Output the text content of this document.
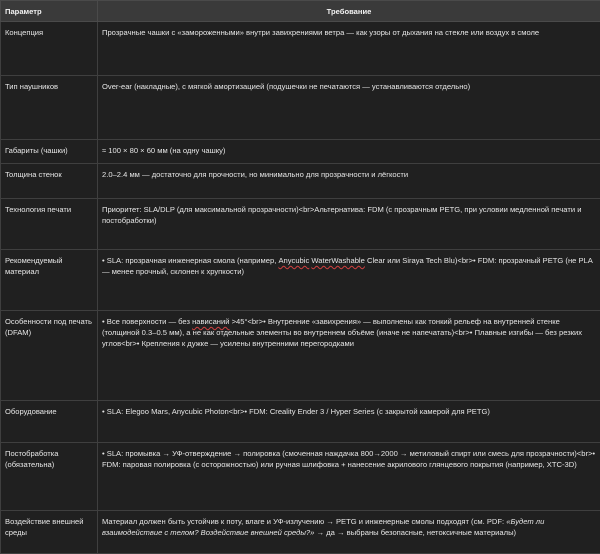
Параметр	Требование
Концепция	Прозрачные чашки с «замороженными» внутри завихрениями ветра — как узоры от дыхания на стекле или воздух в смоле
Тип наушников	Over-ear (накладные), с мягкой амортизацией (подушечки не печатаются — устанавливаются отдельно)
Габариты (чашки)	≈ 100 × 80 × 60 мм (на одну чашку)
Толщина стенок	2.0–2.4 мм — достаточно для прочности, но минимально для прозрачности и лёгкости
Технология печати	Приоритет: SLA/DLP (для максимальной прозрачности)<br>Альтернатива: FDM (с прозрачным PETG, при условии медленной печати и постобработки)
Рекомендуемый материал	• SLA: прозрачная инженерная смола (например, Anycubic WaterWashable Clear или Siraya Tech Blu)<br>• FDM: прозрачный PETG (не PLA — менее прочный, склонен к хрупкости)
Особенности под печать (DFAM)	• Все поверхности — без нависаний >45°<br>• Внутренние «завихрения» — выполнены как тонкий рельеф на внутренней стенке (толщиной 0.3–0.5 мм), а не как отдельные элементы во внутреннем объёме (иначе не напечатать)<br>• Плавные изгибы — без резких углов<br>• Крепления к дужке — усилены внутренними перегородками
Оборудование	• SLA: Elegoo Mars, Anycubic Photon<br>• FDM: Creality Ender 3 / Hyper Series (с закрытой камерой для PETG)
Постобработка (обязательна)	• SLA: промывка → УФ-отверждение → полировка (смоченная наждачка 800→2000 → метиловый спирт или смесь для прозрачности)<br>• FDM: паровая полировка (с осторожностью) или ручная шлифовка + нанесение акрилового глянцевого покрытия (например, XTC-3D)
Воздействие внешней среды	Материал должен быть устойчив к поту, влаге и УФ-излучению → PETG и инженерные смолы подходят (см. PDF: «Будет ли взаимодействие с телом? Воздействие внешней среды?» → да → выбраны безопасные, нетоксичные материалы)
